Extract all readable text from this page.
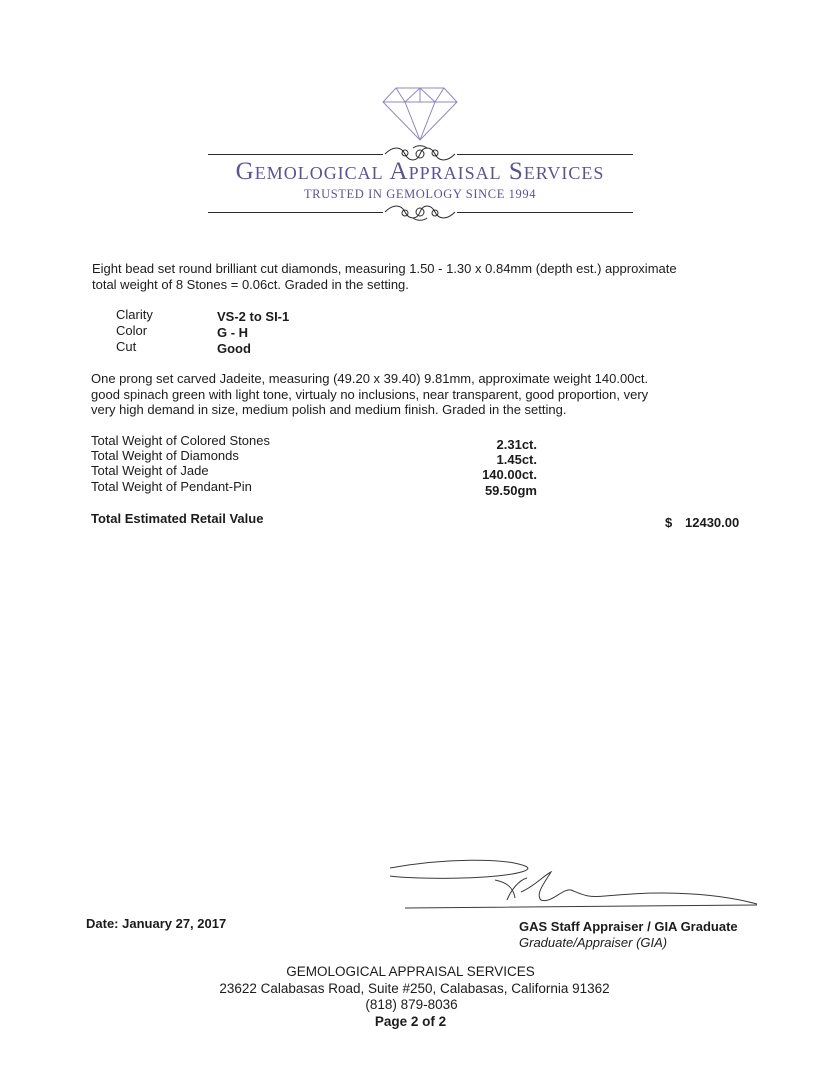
Gemological Appraisal Services
TRUSTED IN GEMOLOGY SINCE 1994
Eight bead set round brilliant cut diamonds, measuring 1.50 - 1.30 x 0.84mm (depth est.) approximate
total weight of 8 Stones = 0.06ct. Graded in the setting.
Clarity	VS-2 to SI-1
Color	G - H
Cut	Good
One prong set carved Jadeite, measuring (49.20 x 39.40) 9.81mm, approximate weight 140.00ct.
good spinach green with light tone, virtualy no inclusions, near transparent, good proportion, very
very high demand in size, medium polish and medium finish. Graded in the setting.
Total Weight of Colored Stones	2.31ct.
Total Weight of Diamonds	1.45ct.
Total Weight of Jade	140.00ct.
Total Weight of Pendant-Pin	59.50gm
Total Estimated Retail Value	$ 12430.00
Date: January 27, 2017	GAS Staff Appraiser / GIA Graduate
Graduate/Appraiser (GIA)
GEMOLOGICAL APPRAISAL SERVICES
23622 Calabasas Road, Suite #250, Calabasas, California 91362
(818) 879-8036
Page 2 of 2
